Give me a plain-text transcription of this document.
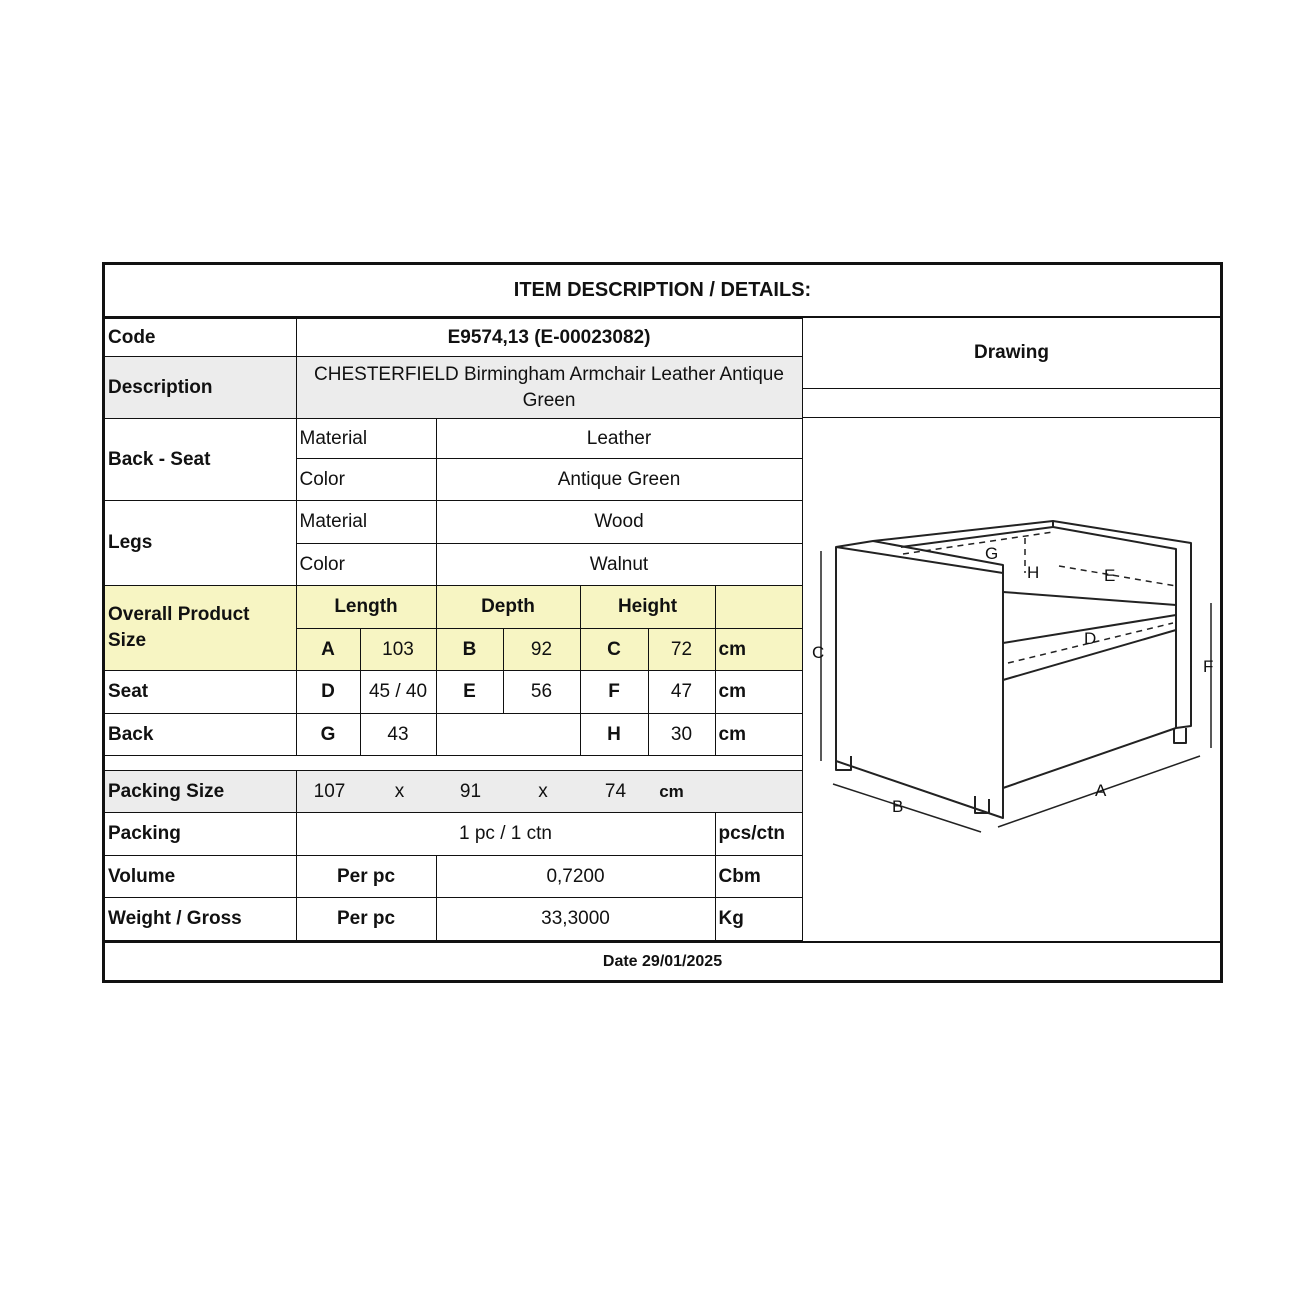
ITEM DESCRIPTION / DETAILS:
Code	E9574,13 (E-00023082)						
Description	CHESTERFIELD Birmingham Armchair Leather Antique Green						
Back - Seat	Material		Leather				
	Color		Antique Green				
Legs	Material		Wood				
	Color		Walnut				
Overall Product Size	Length		Depth		Height		
	A	103	B	92	C	72	cm
Seat	D	45 / 40	E	56	F	47	cm
Back	G	43			H	30	cm

Packing Size	107 x 91 x 74 cm						
Packing	1 pc / 1 ctn						pcs/ctn
Volume	Per pc		0,7200				Cbm
Weight / Gross	Per pc		33,3000				Kg
Drawing
C
F
G
H	E
D
B
A
Date 29/01/2025
